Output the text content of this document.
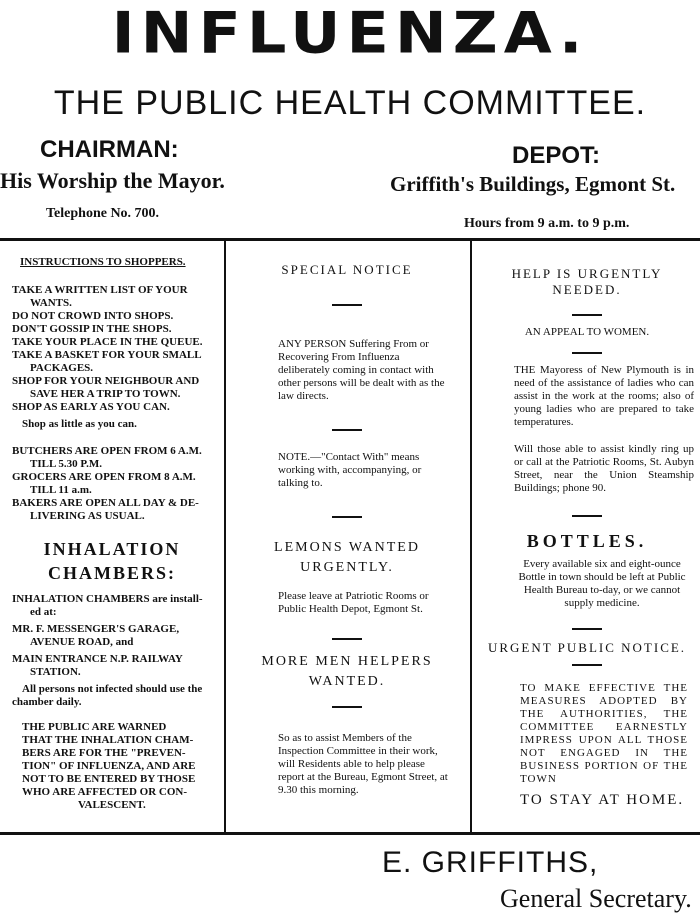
INFLUENZA.
THE PUBLIC HEALTH COMMITTEE.
CHAIRMAN:
His Worship the Mayor.
Telephone No. 700.
DEPOT:
Griffith's Buildings, Egmont St.
Hours from 9 a.m. to 9 p.m.
INSTRUCTIONS TO SHOPPERS.
TAKE A WRITTEN LIST OF YOUR
WANTS.
DO NOT CROWD INTO SHOPS.
DON'T GOSSIP IN THE SHOPS.
TAKE YOUR PLACE IN THE QUEUE.
TAKE A BASKET FOR YOUR SMALL
PACKAGES.
SHOP FOR YOUR NEIGHBOUR AND
SAVE HER A TRIP TO TOWN.
SHOP AS EARLY AS YOU CAN.
Shop as little as you can.
BUTCHERS ARE OPEN FROM 6 A.M.
TILL 5.30 P.M.
GROCERS ARE OPEN FROM 8 A.M.
TILL 11 a.m.
BAKERS ARE OPEN ALL DAY & DE-
LIVERING AS USUAL.
INHALATION
CHAMBERS:
INHALATION CHAMBERS are install-
ed at:
MR. F. MESSENGER'S GARAGE,
AVENUE ROAD, and
MAIN ENTRANCE N.P. RAILWAY
STATION.
All persons not infected should use the
chamber daily.
THE PUBLIC ARE WARNED
THAT THE INHALATION CHAM-
BERS ARE FOR THE "PREVEN-
TION" OF INFLUENZA, AND ARE
NOT TO BE ENTERED BY THOSE
WHO ARE AFFECTED OR CON-
VALESCENT.
SPECIAL NOTICE
ANY PERSON Suffering From or Recovering From Influenza deliberately coming in contact with other persons will be dealt with as the law directs.
NOTE.—"Contact With" means working with, accompanying, or talking to.
LEMONS WANTED
URGENTLY.
Please leave at Patriotic Rooms or Public Health Depot, Egmont St.
MORE MEN HELPERS
WANTED.
So as to assist Members of the Inspection Committee in their work, will Residents able to help please report at the Bureau, Egmont Street, at 9.30 this morning.
HELP IS URGENTLY NEEDED.
AN APPEAL TO WOMEN.
THE Mayoress of New Plymouth is in need of the assistance of ladies who can assist in the work at the rooms; also of young ladies who are prepared to take temperatures.
Will those able to assist kindly ring up or call at the Patriotic Rooms, St. Aubyn Street, near the Union Steamship Buildings; phone 90.
BOTTLES.
Every available six and eight-ounce Bottle in town should be left at Public Health Bureau to-day, or we cannot supply medicine.
URGENT PUBLIC NOTICE.
TO MAKE EFFECTIVE THE MEASURES ADOPTED BY THE AUTHORITIES, THE COMMITTEE EARNESTLY IMPRESS UPON ALL THOSE NOT ENGAGED IN THE BUSINESS PORTION OF THE TOWN
TO STAY AT HOME.
E. GRIFFITHS,
General Secretary.
